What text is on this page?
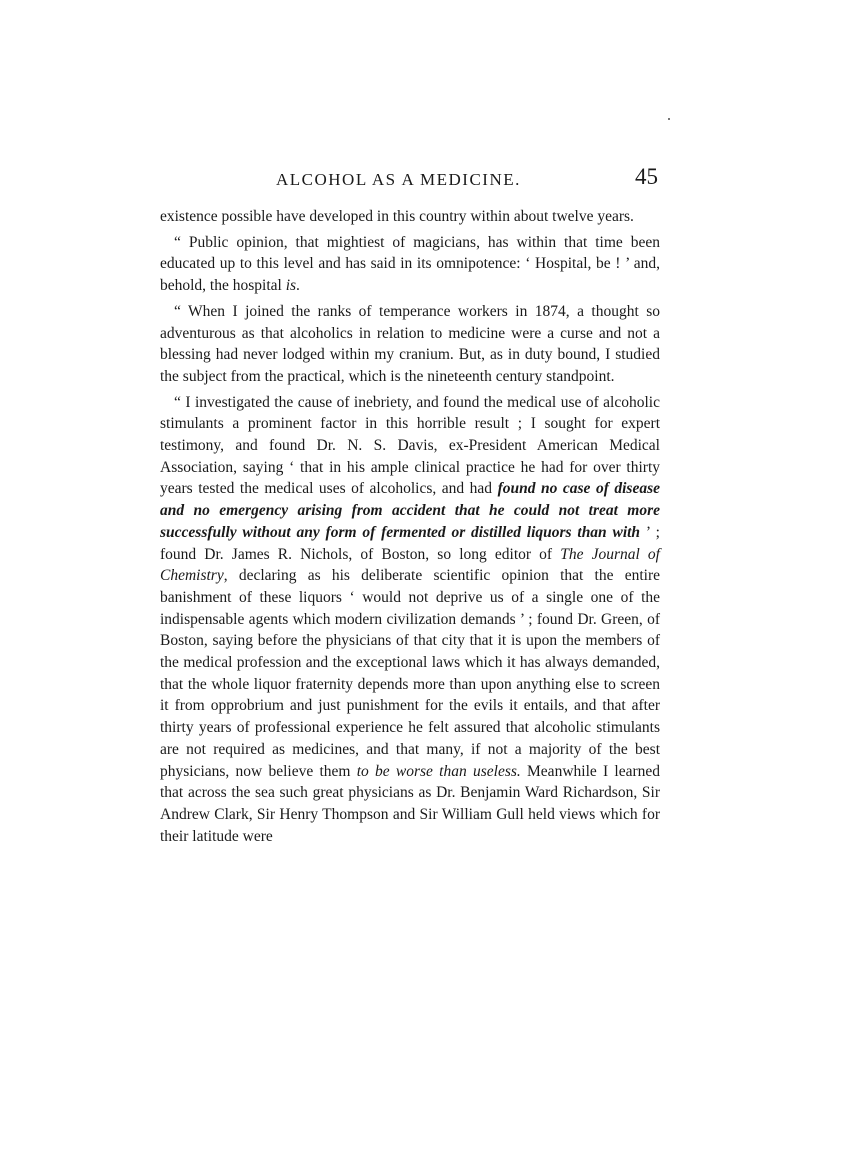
ALCOHOL AS A MEDICINE.	45

existence possible have developed in this country within about twelve years.

“ Public opinion, that mightiest of magicians, has within that time been educated up to this level and has said in its omnipotence: ‘ Hospital, be ! ’ and, behold, the hospital is.

“ When I joined the ranks of temperance workers in 1874, a thought so adventurous as that alcoholics in relation to medicine were a curse and not a blessing had never lodged within my cranium. But, as in duty bound, I studied the subject from the practical, which is the nineteenth century standpoint.

“ I investigated the cause of inebriety, and found the medical use of alcoholic stimulants a prominent factor in this horrible result ; I sought for expert testimony, and found Dr. N. S. Davis, ex-President American Medical Association, saying ‘ that in his ample clinical practice he had for over thirty years tested the medical uses of alcoholics, and had found no case of disease and no emergency arising from accident that he could not treat more successfully without any form of fermented or distilled liquors than with ’ ; found Dr. James R. Nichols, of Boston, so long editor of The Journal of Chemistry, declaring as his deliberate scientific opinion that the entire banishment of these liquors ‘ would not deprive us of a single one of the indispensable agents which modern civilization demands ’ ; found Dr. Green, of Boston, saying before the physicians of that city that it is upon the members of the medical profession and the exceptional laws which it has always demanded, that the whole liquor fraternity depends more than upon anything else to screen it from opprobrium and just punishment for the evils it entails, and that after thirty years of professional experience he felt assured that alcoholic stimulants are not required as medicines, and that many, if not a majority of the best physicians, now believe them to be worse than useless. Meanwhile I learned that across the sea such great physicians as Dr. Benjamin Ward Richardson, Sir Andrew Clark, Sir Henry Thompson and Sir William Gull held views which for their latitude were
